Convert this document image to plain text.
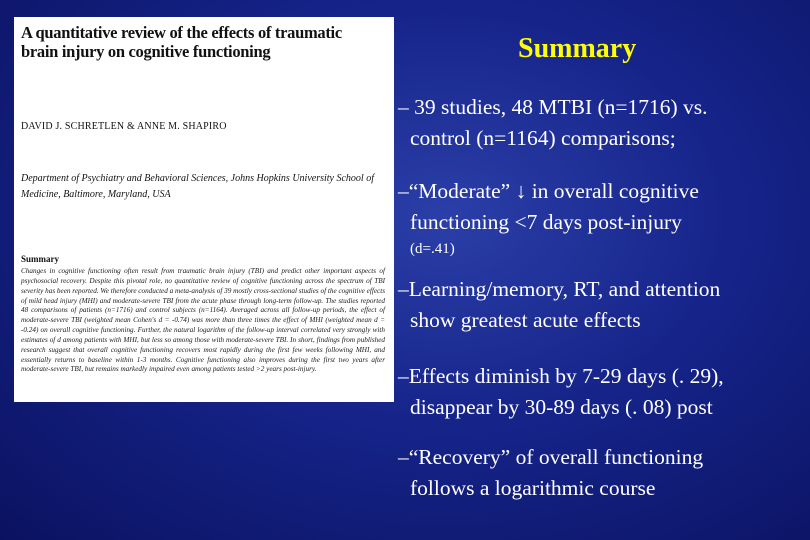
A quantitative review of the effects of traumatic brain injury on cognitive functioning
DAVID J. SCHRETLEN & ANNE M. SHAPIRO
Department of Psychiatry and Behavioral Sciences, Johns Hopkins University School of Medicine, Baltimore, Maryland, USA
Summary
Changes in cognitive functioning often result from traumatic brain injury (TBI) and predict other important aspects of psychosocial recovery. Despite this pivotal role, no quantitative review of cognitive functioning across the spectrum of TBI severity has been reported. We therefore conducted a meta-analysis of 39 mostly cross-sectional studies of the cognitive effects of mild head injury (MHI) and moderate-severe TBI from the acute phase through long-term follow-up. The studies reported 48 comparisons of patients (n=1716) and control subjects (n=1164). Averaged across all follow-up periods, the effect of moderate-severe TBI (weighted mean Cohen's d = -0.74) was more than three times the effect of MHI (weighted mean d = -0.24) on overall cognitive functioning. Further, the natural logarithm of the follow-up interval correlated very strongly with estimates of d among patients with MHI, but less so among those with moderate-severe TBI. In short, findings from published research suggest that overall cognitive functioning recovers most rapidly during the first few weeks following MHI, and essentially returns to baseline within 1-3 months. Cognitive functioning also improves during the first two years after moderate-severe TBI, but remains markedly impaired even among patients tested >2 years post-injury.
Summary
– 39 studies, 48 MTBI (n=1716) vs.
control (n=1164) comparisons;
–“Moderate” ↓ in overall cognitive
functioning <7 days post-injury
(d=.41)
–Learning/memory, RT, and attention
show greatest acute effects
–Effects diminish by 7-29 days (. 29),
disappear by 30-89 days (. 08) post
–“Recovery” of overall functioning
follows a logarithmic course
